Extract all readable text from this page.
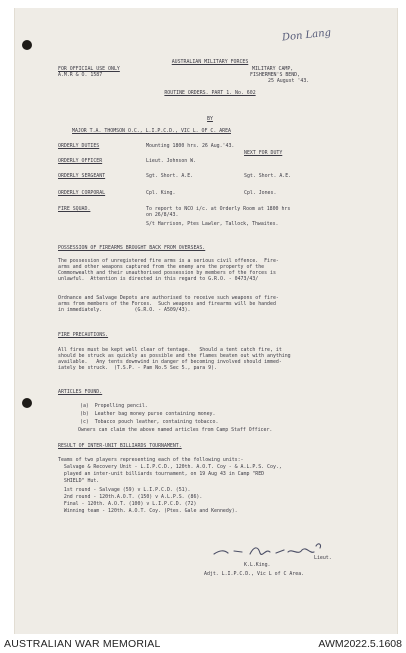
Don Lang
AUSTRALIAN MILITARY FORCES
FOR OFFICIAL USE ONLY
A.M.R & O. 1587
MILITARY CAMP,
FISHERMEN'S BEND,
25 August '43.
ROUTINE ORDERS. PART 1. No. 602
BY
MAJOR T.A. THOMSON O.C., L.I.P.C.D., VIC L. OF C. AREA
ORDERLY DUTIES	Mounting 1800 hrs. 26 Aug.'43.
NEXT FOR DUTY
ORDERLY OFFICER	Lieut. Johnson W.
ORDERLY SERGEANT	Sgt. Short. A.E.	Sgt. Short. A.E.
ORDERLY CORPORAL	Cpl. King.	Cpl. Jones.
FIRE SQUAD.	To report to NCO i/c. at Orderly Room at 1800 hrs
on 26/8/43.
S/t Harrison, Ptes Lawler, Tallock, Thwaites.
POSSESSION OF FIREARMS BROUGHT BACK FROM OVERSEAS.
The possession of unregistered fire arms is a serious civil offence.  Fire-
arms and other weapons captured from the enemy are the property of the
Commonwealth and their unauthorised possession by members of the forces is
unlawful.  Attention is directed in this regard to G.R.O. - 0473/43/
Ordnance and Salvage Depots are authorised to receive such weapons of fire-
arms from members of the Forces.  Such weapons and firearms will be handed
in immediately.           (G.R.O. - A509/43).
FIRE PRECAUTIONS.
All fires must be kept well clear of tentage.   Should a tent catch fire, it
should be struck as quickly as possible and the flames beaten out with anything
available.   Any tents downwind in danger of becoming involved should immed-
iately be struck.  (T.S.P. - Pam No.5 Sec 5., para 9).
ARTICLES FOUND.
(a)  Propelling pencil.
(b)  Leather bag money purse containing money.
(c)  Tobacco pouch leather, containing tobacco.
Owners can claim the above named articles from Camp Staff Officer.
RESULT OF INTER-UNIT BILLIARDS TOURNAMENT.
Teams of two players representing each of the following units:-
Salvage & Recovery Unit - L.I.P.C.D., 120th. A.O.T. Coy - & A.L.P.S. Coy.,
played an inter-unit billiards tournament, on 19 Aug 43 in Camp "RED
SHIELD" Hut.
1st round - Salvage (59) v L.I.P.C.D. (51).
2nd round - 120th.A.O.T. (150) v A.L.P.S. (86).
Final - 120th. A.O.T. (100) v L.I.P.C.D. (72)
Winning team - 120th. A.O.T. Coy. (Ptes. Gale and Kennedy).
Lieut.
K.L.King.
Adjt. L.I.P.C.D., Vic L of C Area.
AUSTRALIAN WAR MEMORIAL	AWM2022.5.1608
